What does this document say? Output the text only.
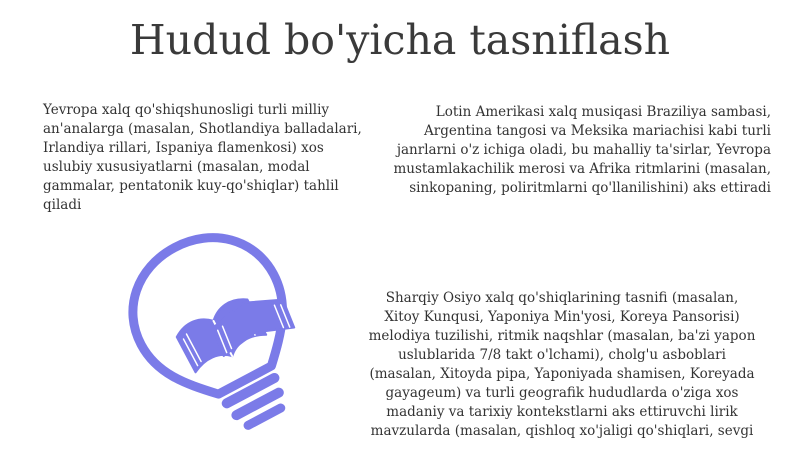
Hudud bo'yicha tasniflash

Yevropa xalq qo'shiqshunosligi turli milliy an'analarga (masalan, Shotlandiya balladalari, Irlandiya rillari, Ispaniya flamenkosi) xos uslubiy xususiyatlarni (masalan, modal gammalar, pentatonik kuy-qo'shiqlar) tahlil qiladi

Lotin Amerikasi xalq musiqasi Braziliya sambasi, Argentina tangosi va Meksika mariachisi kabi turli janrlarni o'z ichiga oladi, bu mahalliy ta'sirlar, Yevropa mustamlakachilik merosi va Afrika ritmlarini (masalan, sinkopaning, poliritmlarni qo'llanilishini) aks ettiradi

Sharqiy Osiyo xalq qo'shiqlarining tasnifi (masalan, Xitoy Kunqusi, Yaponiya Min'yosi, Koreya Pansorisi) melodiya tuzilishi, ritmik naqshlar (masalan, ba'zi yapon uslublarida 7/8 takt o'lchami), cholg'u asboblari (masalan, Xitoyda pipa, Yaponiyada shamisen, Koreyada gayageum) va turli geografik hududlarda o'ziga xos madaniy va tarixiy kontekstlarni aks ettiruvchi lirik mavzularda (masalan, qishloq xo'jaligi qo'shiqlari, sevgi
